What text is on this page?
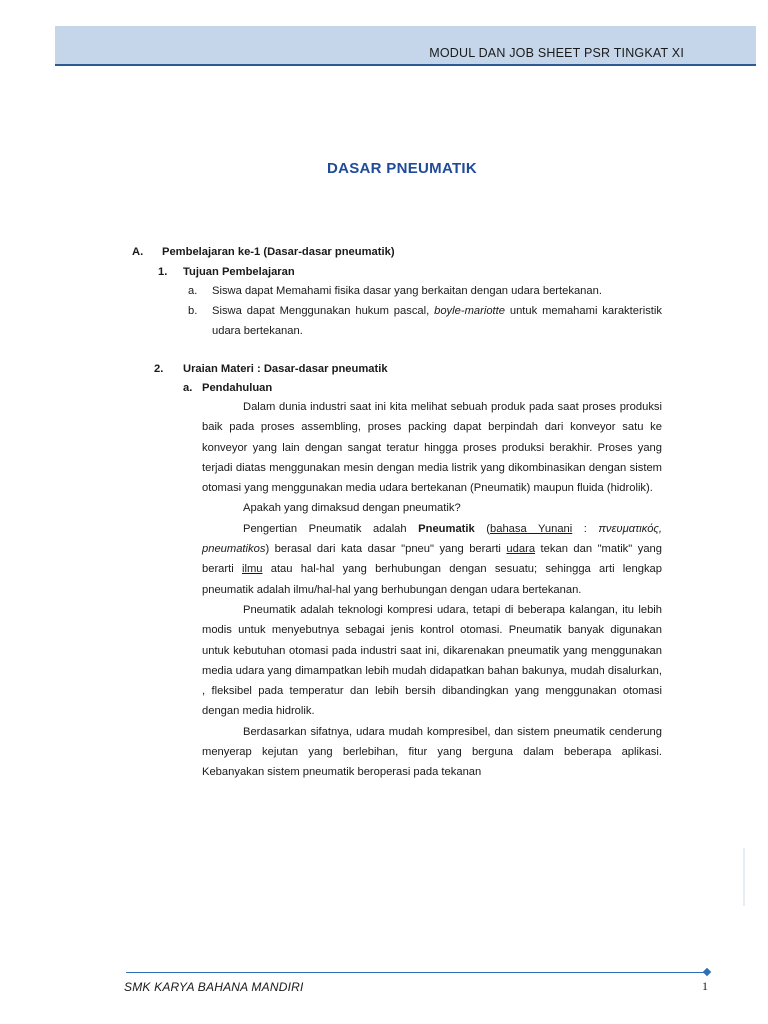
MODUL DAN JOB SHEET PSR TINGKAT XI
DASAR PNEUMATIK
A. Pembelajaran ke-1 (Dasar-dasar pneumatik)
1. Tujuan Pembelajaran
a. Siswa dapat Memahami fisika dasar yang berkaitan dengan udara bertekanan.
b. Siswa dapat Menggunakan hukum pascal, boyle-mariotte untuk memahami karakteristik udara bertekanan.
2. Uraian Materi : Dasar-dasar pneumatik
a. Pendahuluan

Dalam dunia industri saat ini kita melihat sebuah produk pada saat proses produksi baik pada proses assembling, proses packing dapat berpindah dari konveyor satu ke konveyor yang lain dengan sangat teratur hingga proses produksi berakhir. Proses yang terjadi diatas menggunakan mesin dengan media listrik yang dikombinasikan dengan sistem otomasi yang menggunakan media udara bertekanan (Pneumatik) maupun fluida (hidrolik).

Apakah yang dimaksud dengan pneumatik?

Pengertian Pneumatik adalah Pneumatik (bahasa Yunani : πνευματικός, pneumatikos) berasal dari kata dasar "pneu" yang berarti udara tekan dan "matik" yang berarti ilmu atau hal-hal yang berhubungan dengan sesuatu; sehingga arti lengkap pneumatik adalah ilmu/hal-hal yang berhubungan dengan udara bertekanan.

Pneumatik adalah teknologi kompresi udara, tetapi di beberapa kalangan, itu lebih modis untuk menyebutnya sebagai jenis kontrol otomasi. Pneumatik banyak digunakan untuk kebutuhan otomasi pada industri saat ini, dikarenakan pneumatik yang menggunakan media udara yang dimampatkan lebih mudah didapatkan bahan bakunya, mudah disalurkan, , fleksibel pada temperatur dan lebih bersih dibandingkan yang menggunakan otomasi dengan media hidrolik.

Berdasarkan sifatnya, udara mudah kompresibel, dan sistem pneumatik cenderung menyerap kejutan yang berlebihan, fitur yang berguna dalam beberapa aplikasi. Kebanyakan sistem pneumatik beroperasi pada tekanan

SMK KARYA BAHANA MANDIRI	1
